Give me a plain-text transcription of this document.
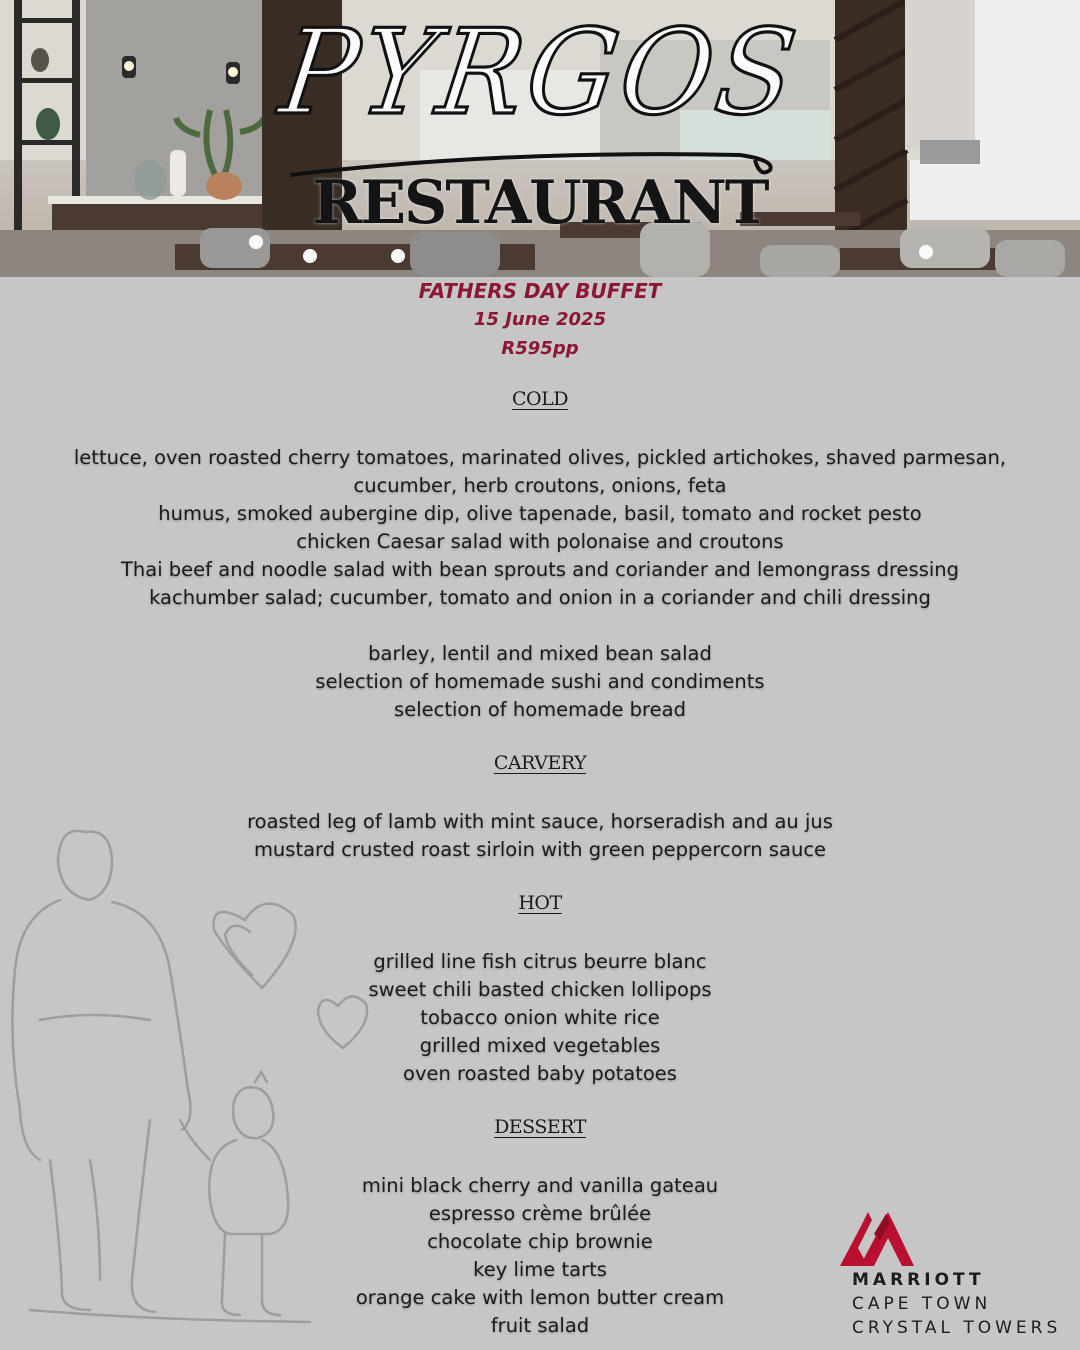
PYRGOS
RESTAURANT
FATHERS DAY BUFFET
15 June 2025
R595pp
COLD
lettuce, oven roasted cherry tomatoes, marinated olives, pickled artichokes, shaved parmesan,
cucumber, herb croutons, onions, feta
humus, smoked aubergine dip, olive tapenade, basil, tomato and rocket pesto
chicken Caesar salad with polonaise and croutons
Thai beef and noodle salad with bean sprouts and coriander and lemongrass dressing
kachumber salad; cucumber, tomato and onion in a coriander and chili dressing
barley, lentil and mixed bean salad
selection of homemade sushi and condiments
selection of homemade bread
CARVERY
roasted leg of lamb with mint sauce, horseradish and au jus
mustard crusted roast sirloin with green peppercorn sauce
HOT
grilled line fish citrus beurre blanc
sweet chili basted chicken lollipops
tobacco onion white rice
grilled mixed vegetables
oven roasted baby potatoes
DESSERT
mini black cherry and vanilla gateau
espresso crème brûlée
chocolate chip brownie
key lime tarts
orange cake with lemon butter cream
fruit salad
MARRIOTT
CAPE TOWN
CRYSTAL TOWERS
